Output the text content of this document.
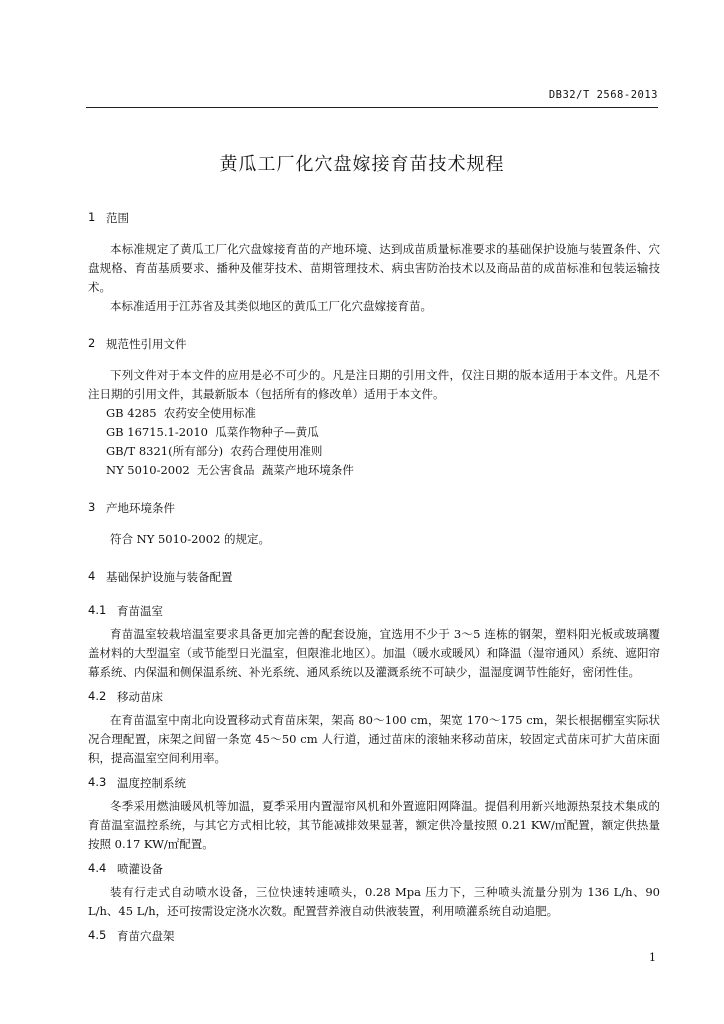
DB32/T 2568-2013
黄瓜工厂化穴盘嫁接育苗技术规程
1 范围

本标准规定了黄瓜工厂化穴盘嫁接育苗的产地环境、达到成苗质量标准要求的基础保护设施与装置条件、穴盘规格、育苗基质要求、播种及催芽技术、苗期管理技术、病虫害防治技术以及商品苗的成苗标准和包装运输技术。

本标准适用于江苏省及其类似地区的黄瓜工厂化穴盘嫁接育苗。

2 规范性引用文件

下列文件对于本文件的应用是必不可少的。凡是注日期的引用文件，仅注日期的版本适用于本文件。凡是不注日期的引用文件，其最新版本（包括所有的修改单）适用于本文件。

GB 4285  农药安全使用标准
GB 16715.1-2010  瓜菜作物种子—黄瓜
GB/T 8321(所有部分)  农药合理使用准则
NY 5010-2002  无公害食品  蔬菜产地环境条件
3 产地环境条件

符合 NY 5010-2002 的规定。

4 基础保护设施与装备配置
4.1 育苗温室

育苗温室较栽培温室要求具备更加完善的配套设施，宜选用不少于 3～5 连栋的钢架，塑料阳光板或玻璃覆盖材料的大型温室（或节能型日光温室，但限淮北地区）。加温（暖水或暖风）和降温（湿帘通风）系统、遮阳帘幕系统、内保温和侧保温系统、补光系统、通风系统以及灌溉系统不可缺少，温湿度调节性能好，密闭性佳。

4.2 移动苗床

在育苗温室中南北向设置移动式育苗床架，架高 80～100 cm，架宽 170～175 cm，架长根据棚室实际状况合理配置，床架之间留一条宽 45～50 cm 人行道，通过苗床的滚轴来移动苗床，较固定式苗床可扩大苗床面积，提高温室空间利用率。

4.3 温度控制系统

冬季采用燃油暖风机等加温，夏季采用内置湿帘风机和外置遮阳网降温。提倡利用新兴地源热泵技术集成的育苗温室温控系统，与其它方式相比较，其节能减排效果显著，额定供冷量按照 0.21 KW/㎡配置，额定供热量按照 0.17 KW/㎡配置。

4.4 喷灌设备

装有行走式自动喷水设备，三位快速转速喷头，0.28 Mpa 压力下，三种喷头流量分别为 136 L/h、90 L/h、45 L/h，还可按需设定浇水次数。配置营养液自动供液装置，利用喷灌系统自动追肥。

4.5 育苗穴盘架
1
